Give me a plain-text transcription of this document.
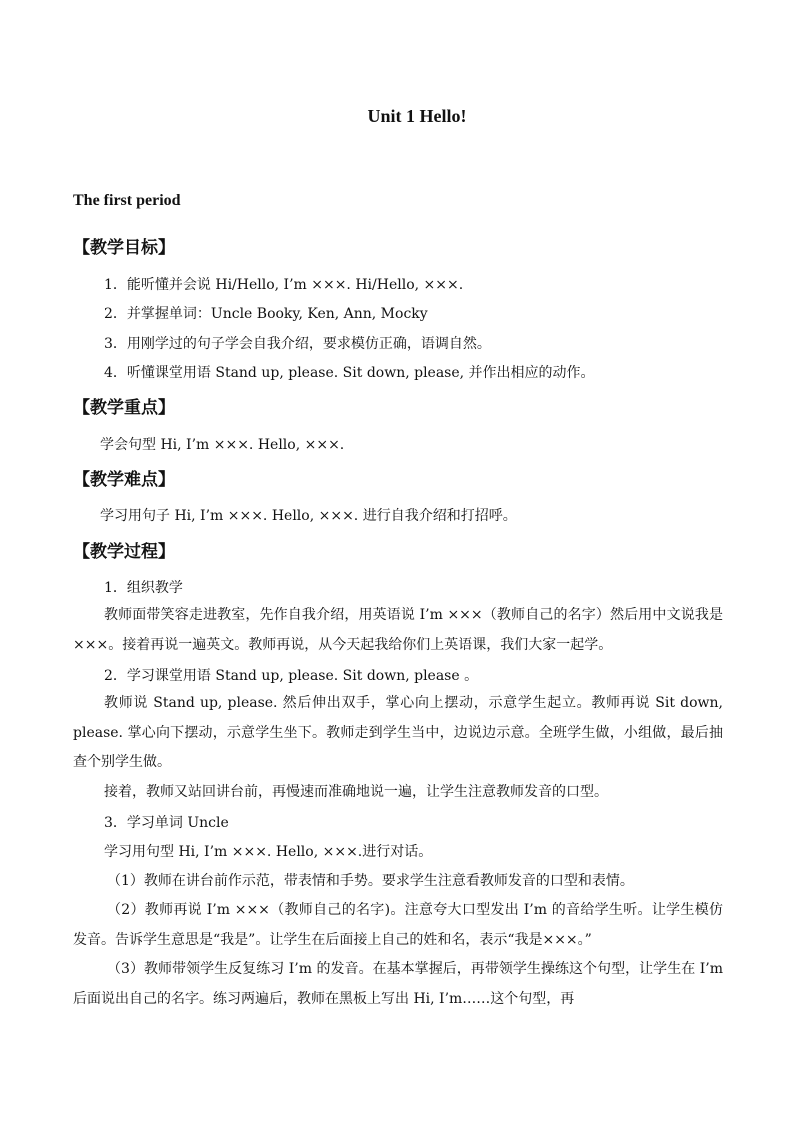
Unit 1 Hello!
The first period
【教学目标】
1．能听懂并会说 Hi/Hello, I’m ×××. Hi/Hello, ×××.
2．并掌握单词：Uncle Booky, Ken, Ann, Mocky
3．用刚学过的句子学会自我介绍，要求模仿正确，语调自然。
4．听懂课堂用语 Stand up, please. Sit down, please, 并作出相应的动作。
【教学重点】
学会句型 Hi, I’m ×××. Hello, ×××.
【教学难点】
学习用句子 Hi, I’m ×××. Hello, ×××. 进行自我介绍和打招呼。
【教学过程】
1．组织教学

教师面带笑容走进教室，先作自我介绍，用英语说 I’m ×××（教师自己的名字）然后用中文说我是×××。接着再说一遍英文。教师再说，从今天起我给你们上英语课，我们大家一起学。

2．学习课堂用语 Stand up, please. Sit down, please 。

教师说 Stand up, please. 然后伸出双手，掌心向上摆动，示意学生起立。教师再说 Sit down, please. 掌心向下摆动，示意学生坐下。教师走到学生当中，边说边示意。全班学生做，小组做，最后抽查个别学生做。

接着，教师又站回讲台前，再慢速而准确地说一遍，让学生注意教师发音的口型。

3．学习单词 Uncle

学习用句型 Hi, I’m ×××. Hello, ×××.进行对话。

（1）教师在讲台前作示范，带表情和手势。要求学生注意看教师发音的口型和表情。

（2）教师再说 I’m ×××（教师自己的名字)。注意夸大口型发出 I’m 的音给学生听。让学生模仿发音。告诉学生意思是“我是”。让学生在后面接上自己的姓和名，表示“我是×××。”

（3）教师带领学生反复练习 I’m 的发音。在基本掌握后，再带领学生操练这个句型，让学生在 I’m 后面说出自己的名字。练习两遍后，教师在黑板上写出 Hi, I’m……这个句型，再
